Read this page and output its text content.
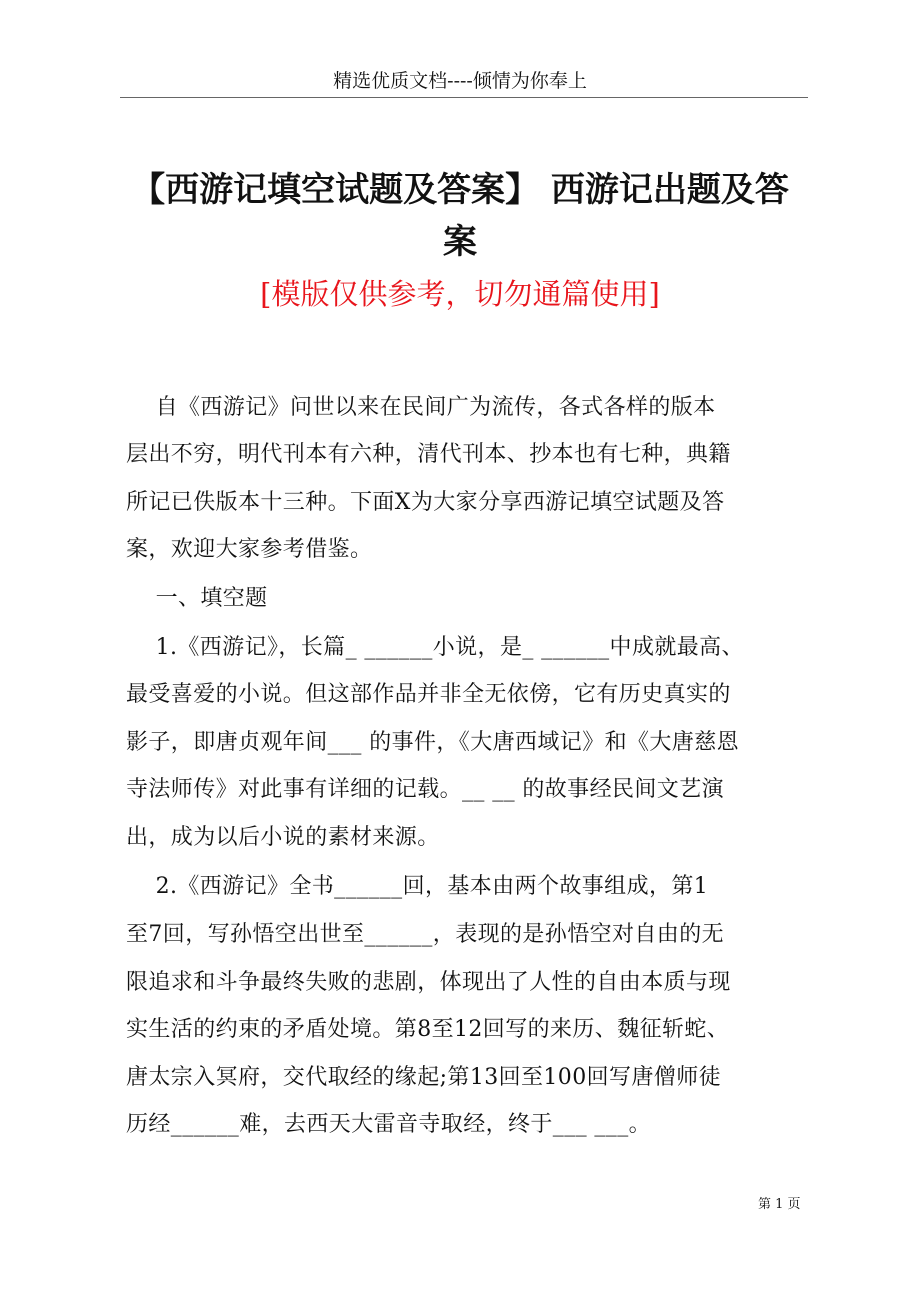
精选优质文档----倾情为你奉上
【西游记填空试题及答案】 西游记出题及答
案
[模版仅供参考，切勿通篇使用]
自《西游记》问世以来在民间广为流传，各式各样的版本
层出不穷，明代刊本有六种，清代刊本、抄本也有七种，典籍
所记已佚版本十三种。下面X为大家分享西游记填空试题及答
案，欢迎大家参考借鉴。
一、填空题
1.《西游记》，长篇_ ______小说，是_ ______中成就最高、
最受喜爱的小说。但这部作品并非全无依傍，它有历史真实的
影子，即唐贞观年间___ 的事件，《大唐西域记》和《大唐慈恩
寺法师传》对此事有详细的记载。__ __ 的故事经民间文艺演
出，成为以后小说的素材来源。
2.《西游记》全书______回，基本由两个故事组成，第1
至7回，写孙悟空出世至______，表现的是孙悟空对自由的无
限追求和斗争最终失败的悲剧，体现出了人性的自由本质与现
实生活的约束的矛盾处境。第8至12回写的来历、魏征斩蛇、
唐太宗入冥府，交代取经的缘起;第13回至100回写唐僧师徒
历经______难，去西天大雷音寺取经，终于___ ___。
第 1 页
